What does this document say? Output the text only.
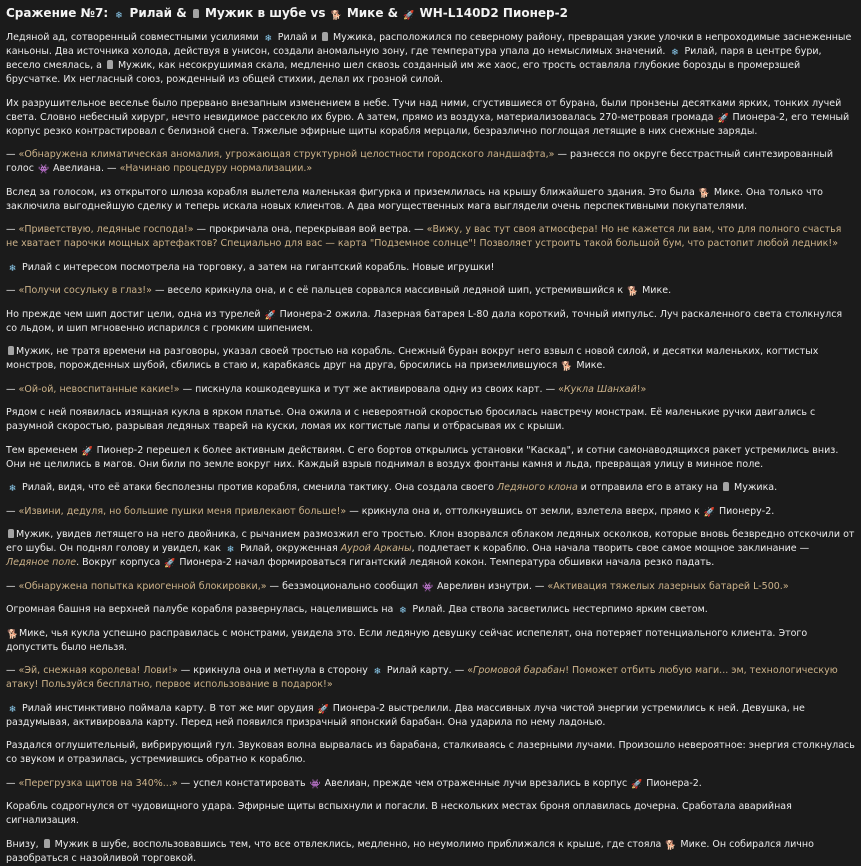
Сражение №7: ❄ Рилай &  Мужик в шубе vs 🐕 Мике & 🚀 WH-L140D2 Пионер-2

Ледяной ад, сотворенный совместными усилиями ❄ Рилай и  Мужика, расположился по северному району, превращая узкие улочки в непроходимые заснеженные каньоны. Два источника холода, действуя в унисон, создали аномальную зону, где температура упала до немыслимых значений. ❄ Рилай, паря в центре бури, весело смеялась, а  Мужик, как несокрушимая скала, медленно шел сквозь созданный им же хаос, его трость оставляла глубокие борозды в промерзшей брусчатке. Их негласный союз, рожденный из общей стихии, делал их грозной силой.

Их разрушительное веселье было прервано внезапным изменением в небе. Тучи над ними, сгустившиеся от бурана, были пронзены десятками ярких, тонких лучей света. Словно небесный хирург, нечто невидимое рассекло их бурю. А затем, прямо из воздуха, материализовалась 270-метровая громада 🚀 Пионера-2, его темный корпус резко контрастировал с белизной снега. Тяжелые эфирные щиты корабля мерцали, безразлично поглощая летящие в них снежные заряды.

— «Обнаружена климатическая аномалия, угрожающая структурной целостности городского ландшафта,» — разнесся по округе бесстрастный синтезированный голос 👾 Авелиана. — «Начинаю процедуру нормализации.»

Вслед за голосом, из открытого шлюза корабля вылетела маленькая фигурка и приземлилась на крышу ближайшего здания. Это была 🐕 Мике. Она только что заключила выгоднейшую сделку и теперь искала новых клиентов. А два могущественных мага выглядели очень перспективными покупателями.

— «Приветствую, ледяные господа!» — прокричала она, перекрывая вой ветра. — «Вижу, у вас тут своя атмосфера! Но не кажется ли вам, что для полного счастья не хватает парочки мощных артефактов? Специально для вас — карта "Подземное солнце"! Позволяет устроить такой большой бум, что растопит любой ледник!»

❄ Рилай с интересом посмотрела на торговку, а затем на гигантский корабль. Новые игрушки!

— «Получи сосульку в глаз!» — весело крикнула она, и с её пальцев сорвался массивный ледяной шип, устремившийся к 🐕 Мике.

Но прежде чем шип достиг цели, одна из турелей 🚀 Пионера-2 ожила. Лазерная батарея L-80 дала короткий, точный импульс. Луч раскаленного света столкнулся со льдом, и шип мгновенно испарился с громким шипением.

Мужик, не тратя времени на разговоры, указал своей тростью на корабль. Снежный буран вокруг него взвыл с новой силой, и десятки маленьких, когтистых монстров, порожденных шубой, сбились в стаю и, карабкаясь друг на друга, бросились на приземлившуюся 🐕 Мике.

— «Ой-ой, невоспитанные какие!» — пискнула кошкодевушка и тут же активировала одну из своих карт. — «Кукла Шанхай!»

Рядом с ней появилась изящная кукла в ярком платье. Она ожила и с невероятной скоростью бросилась навстречу монстрам. Её маленькие ручки двигались с разумной скоростью, разрывая ледяных тварей на куски, ломая их когтистые лапы и отбрасывая их с крыши.

Тем временем 🚀 Пионер-2 перешел к более активным действиям. С его бортов открылись установки "Каскад", и сотни самонаводящихся ракет устремились вниз. Они не целились в магов. Они били по земле вокруг них. Каждый взрыв поднимал в воздух фонтаны камня и льда, превращая улицу в минное поле.

❄ Рилай, видя, что её атаки бесполезны против корабля, сменила тактику. Она создала своего Ледяного клона и отправила его в атаку на  Мужика.

— «Извини, дедуля, но большие пушки меня привлекают больше!» — крикнула она и, оттолкнувшись от земли, взлетела вверх, прямо к 🚀 Пионеру-2.

Мужик, увидев летящего на него двойника, с рычанием размозжил его тростью. Клон взорвался облаком ледяных осколков, которые вновь безвредно отскочили от его шубы. Он поднял голову и увидел, как ❄ Рилай, окруженная Аурой Арканы, подлетает к кораблю. Она начала творить свое самое мощное заклинание — Ледяное поле. Вокруг корпуса 🚀 Пионера-2 начал формироваться гигантский ледяной кокон. Температура обшивки начала резко падать.

— «Обнаружена попытка криогенной блокировки,» — беззмоционально сообщил 👾 Авреливн изнутри. — «Активация тяжелых лазерных батарей L-500.»

Огромная башня на верхней палубе корабля развернулась, нацелившись на ❄ Рилай. Два ствола засветились нестерпимо ярким светом.

🐕Мике, чья кукла успешно расправилась с монстрами, увидела это. Если ледяную девушку сейчас испепелят, она потеряет потенциального клиента. Этого допустить было нельзя.

— «Эй, снежная королева! Лови!» — крикнула она и метнула в сторону ❄ Рилай карту. — «Громовой барабан! Поможет отбить любую маги... эм, технологическую атаку! Пользуйся бесплатно, первое использование в подарок!»

❄ Рилай инстинктивно поймала карту. В тот же миг орудия 🚀 Пионера-2 выстрелили. Два массивных луча чистой энергии устремились к ней. Девушка, не раздумывая, активировала карту. Перед ней появился призрачный японский барабан. Она ударила по нему ладонью.

Раздался оглушительный, вибрирующий гул. Звуковая волна вырвалась из барабана, сталкиваясь с лазерными лучами. Произошло невероятное: энергия столкнулась со звуком и отразилась, устремившись обратно к кораблю.

— «Перегрузка щитов на 340%...» — успел констатировать 👾 Авелиан, прежде чем отраженные лучи врезались в корпус 🚀 Пионера-2.

Корабль содрогнулся от чудовищного удара. Эфирные щиты вспыхнули и погасли. В нескольких местах броня оплавилась дочерна. Сработала аварийная сигнализация.

Внизу,  Мужик в шубе, воспользовавшись тем, что все отвлеклись, медленно, но неумолимо приближался к крыше, где стояла 🐕 Мике. Он собирался лично разобраться с назойливой торговкой.
